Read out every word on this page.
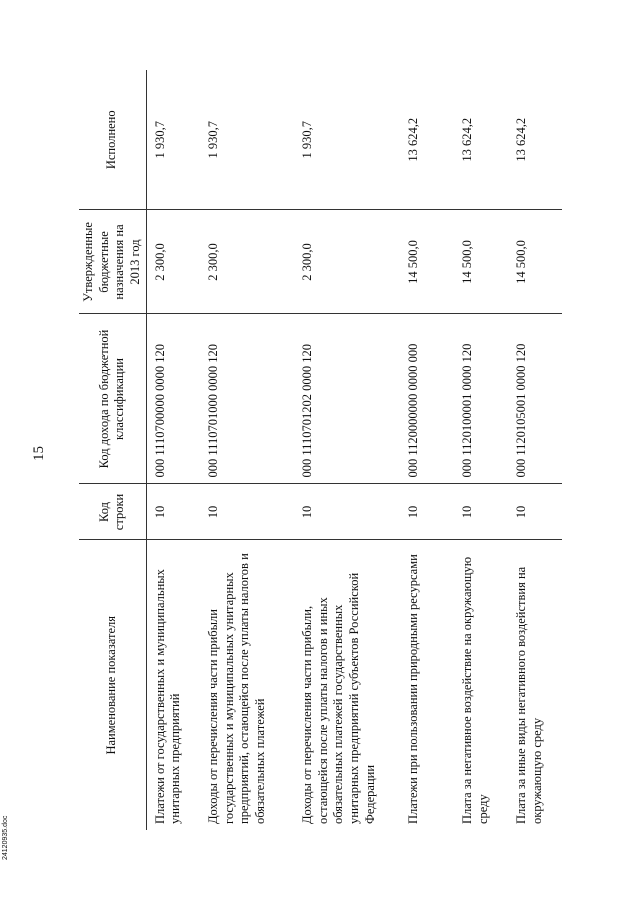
15
Наименование показателя	Код строки	Код дохода по бюджетной классификации	Утвержденные бюджетные назначения на 2013 год	Исполнено
Платежи от государственных и муниципальных унитарных предприятий	10	000 1110700000 0000 120	2 300,0	1 930,7
Доходы от перечисления части прибыли государственных и муниципальных унитарных предприятий, остающейся после уплаты налогов и обязательных платежей	10	000 1110701000 0000 120	2 300,0	1 930,7
Доходы от перечисления части прибыли, остающейся после уплаты налогов и иных обязательных платежей государственных унитарных предприятий субъектов Российской Федерации	10	000 1110701202 0000 120	2 300,0	1 930,7
Платежи при пользовании природными ресурсами	10	000 1120000000 0000 000	14 500,0	13 624,2
Плата за негативное воздействие на окружающую среду	10	000 1120100001 0000 120	14 500,0	13 624,2
Плата за иные виды негативного воздействия на окружающую среду	10	000 1120105001 0000 120	14 500,0	13 624,2
24120935.doc
